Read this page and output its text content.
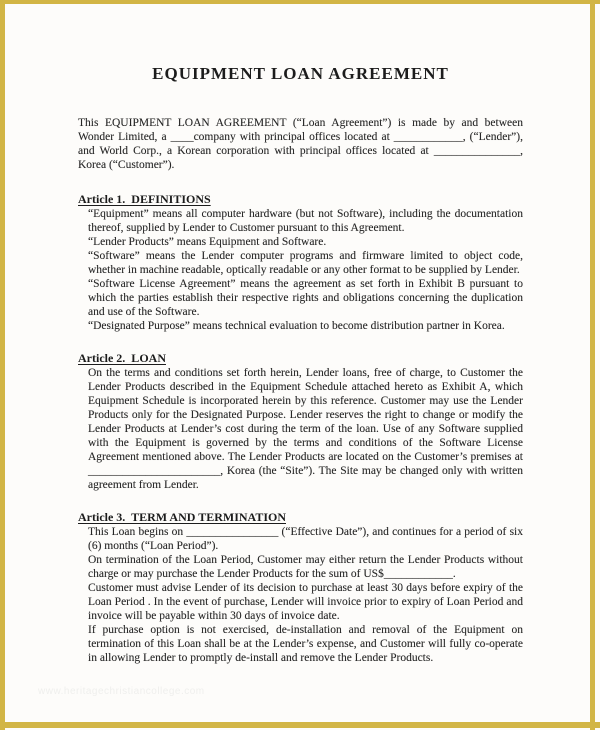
EQUIPMENT LOAN AGREEMENT

This EQUIPMENT LOAN AGREEMENT (“Loan Agreement”) is made by and between Wonder Limited, a ____company with principal offices located at ____________, (“Lender”), and World Corp., a Korean corporation with principal offices located at _______________, Korea (“Customer”).

Article 1.  DEFINITIONS

“Equipment” means all computer hardware (but not Software), including the documentation thereof, supplied by Lender to Customer pursuant to this Agreement.

“Lender Products” means Equipment and Software.

“Software” means the Lender computer programs and firmware limited to object code, whether in machine readable, optically readable or any other format to be supplied by Lender.

“Software License Agreement” means the agreement as set forth in Exhibit B pursuant to which the parties establish their respective rights and obligations concerning the duplication and use of the Software.

“Designated Purpose” means technical evaluation to become distribution partner in Korea.

Article 2.  LOAN

On the terms and conditions set forth herein, Lender loans, free of charge, to Customer the Lender Products described in the Equipment Schedule attached hereto as Exhibit A, which Equipment Schedule is incorporated herein by this reference. Customer may use the Lender Products only for the Designated Purpose. Lender reserves the right to change or modify the Lender Products at Lender’s cost during the term of the loan. Use of any Software supplied with the Equipment is governed by the terms and conditions of the Software License Agreement mentioned above. The Lender Products are located on the Customer’s premises at _______________________, Korea (the “Site”). The Site may be changed only with written agreement from Lender.

Article 3.  TERM AND TERMINATION

This Loan begins on ________________ (“Effective Date”), and continues for a period of six (6) months (“Loan Period”).

On termination of the Loan Period, Customer may either return the Lender Products without charge or may purchase the Lender Products for the sum of US$____________.

Customer must advise Lender of its decision to purchase at least 30 days before expiry of the Loan Period . In the event of purchase, Lender will invoice prior to expiry of Loan Period and invoice will be payable within 30 days of invoice date.

If purchase option is not exercised, de-installation and removal of the Equipment on termination of this Loan shall be at the Lender’s expense, and Customer will fully co-operate in allowing Lender to promptly de-install and remove the Lender Products.

www.heritagechristiancollege.com
